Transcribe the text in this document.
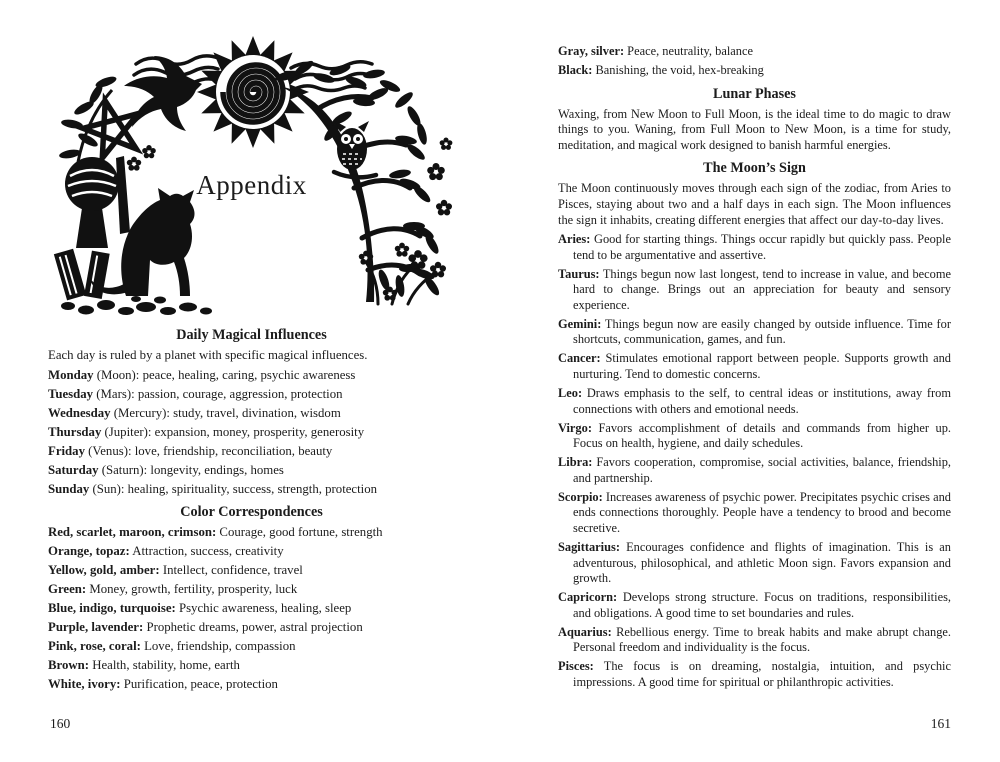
Appendix
Daily Magical Influences

Each day is ruled by a planet with specific magical influences.

Monday (Moon): peace, healing, caring, psychic awareness

Tuesday (Mars): passion, courage, aggression, protection

Wednesday (Mercury): study, travel, divination, wisdom

Thursday (Jupiter): expansion, money, prosperity, generosity

Friday (Venus): love, friendship, reconciliation, beauty

Saturday (Saturn): longevity, endings, homes

Sunday (Sun): healing, spirituality, success, strength, protection

Color Correspondences

Red, scarlet, maroon, crimson: Courage, good fortune, strength

Orange, topaz: Attraction, success, creativity

Yellow, gold, amber: Intellect, confidence, travel

Green: Money, growth, fertility, prosperity, luck

Blue, indigo, turquoise: Psychic awareness, healing, sleep

Purple, lavender: Prophetic dreams, power, astral projection

Pink, rose, coral: Love, friendship, compassion

Brown: Health, stability, home, earth

White, ivory: Purification, peace, protection

160

Gray, silver: Peace, neutrality, balance

Black: Banishing, the void, hex-breaking

Lunar Phases

Waxing, from New Moon to Full Moon, is the ideal time to do magic to draw things to you. Waning, from Full Moon to New Moon, is a time for study, meditation, and magical work designed to banish harmful energies.

The Moon’s Sign

The Moon continuously moves through each sign of the zodiac, from Aries to Pisces, staying about two and a half days in each sign. The Moon influences the sign it inhabits, creating different energies that affect our day-to-day lives.

Aries: Good for starting things. Things occur rapidly but quickly pass. People tend to be argumentative and assertive.

Taurus: Things begun now last longest, tend to increase in value, and become hard to change. Brings out an appreciation for beauty and sensory experience.

Gemini: Things begun now are easily changed by outside influence. Time for shortcuts, communication, games, and fun.

Cancer: Stimulates emotional rapport between people. Supports growth and nurturing. Tend to domestic concerns.

Leo: Draws emphasis to the self, to central ideas or institutions, away from connections with others and emotional needs.

Virgo: Favors accomplishment of details and commands from higher up. Focus on health, hygiene, and daily schedules.

Libra: Favors cooperation, compromise, social activities, balance, friendship, and partnership.

Scorpio: Increases awareness of psychic power. Precipitates psychic crises and ends connections thoroughly. People have a tendency to brood and become secretive.

Sagittarius: Encourages confidence and flights of imagination. This is an adventurous, philosophical, and athletic Moon sign. Favors expansion and growth.

Capricorn: Develops strong structure. Focus on traditions, responsibilities, and obligations. A good time to set boundaries and rules.

Aquarius: Rebellious energy. Time to break habits and make abrupt change. Personal freedom and individuality is the focus.

Pisces: The focus is on dreaming, nostalgia, intuition, and psychic impressions. A good time for spiritual or philanthropic activities.

161
